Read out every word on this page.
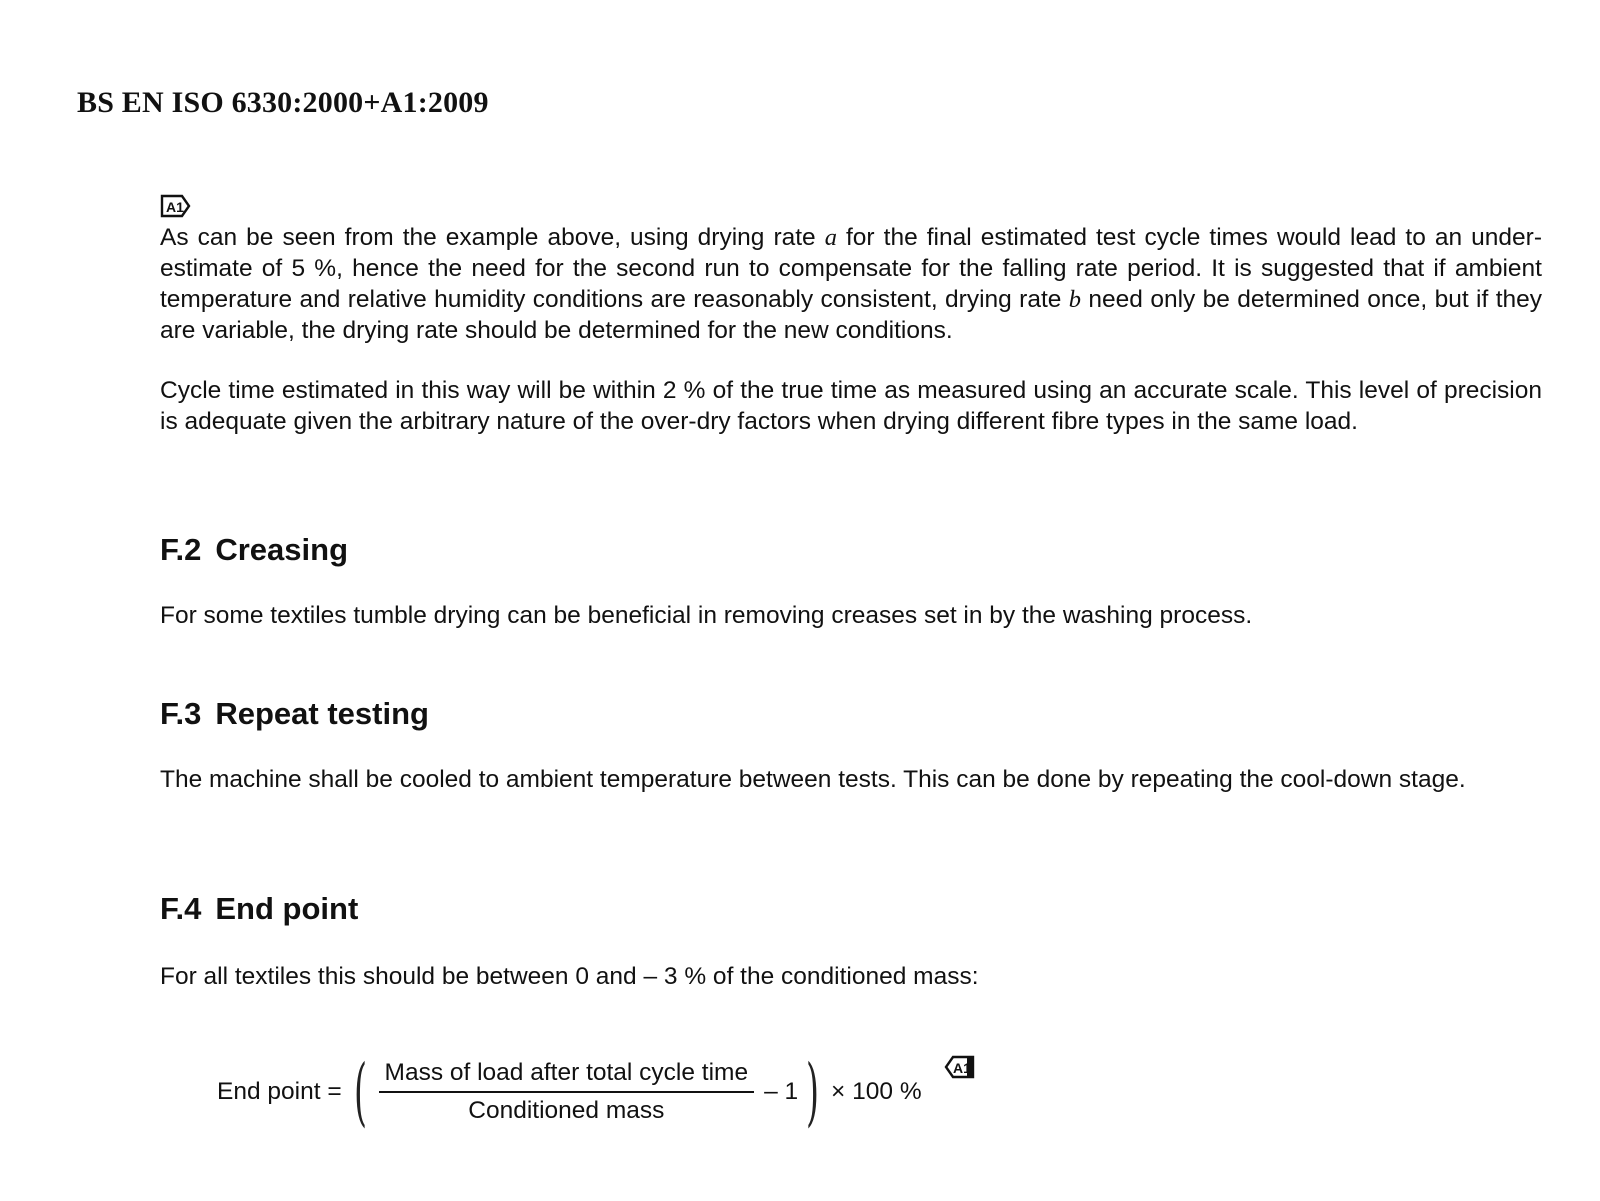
BS EN ISO 6330:2000+A1:2009
A1

As can be seen from the example above, using drying rate a for the final estimated test cycle times would lead to an under-estimate of 5 %, hence the need for the second run to compensate for the falling rate period. It is suggested that if ambient temperature and relative humidity conditions are reasonably consistent, drying rate b need only be determined once, but if they are variable, the drying rate should be determined for the new conditions.

Cycle time estimated in this way will be within 2 % of the true time as measured using an accurate scale. This level of precision is adequate given the arbitrary nature of the over-dry factors when drying different fibre types in the same load.

F.2 Creasing

For some textiles tumble drying can be beneficial in removing creases set in by the washing process.

F.3 Repeat testing

The machine shall be cooled to ambient temperature between tests. This can be done by repeating the cool-down stage.

F.4 End point

For all textiles this should be between 0 and – 3 % of the conditioned mass:

End point = ( $\frac{\text{Mass of load after total cycle time}}{\text{Conditioned mass}} - 1$ ) × 100 %
A1
